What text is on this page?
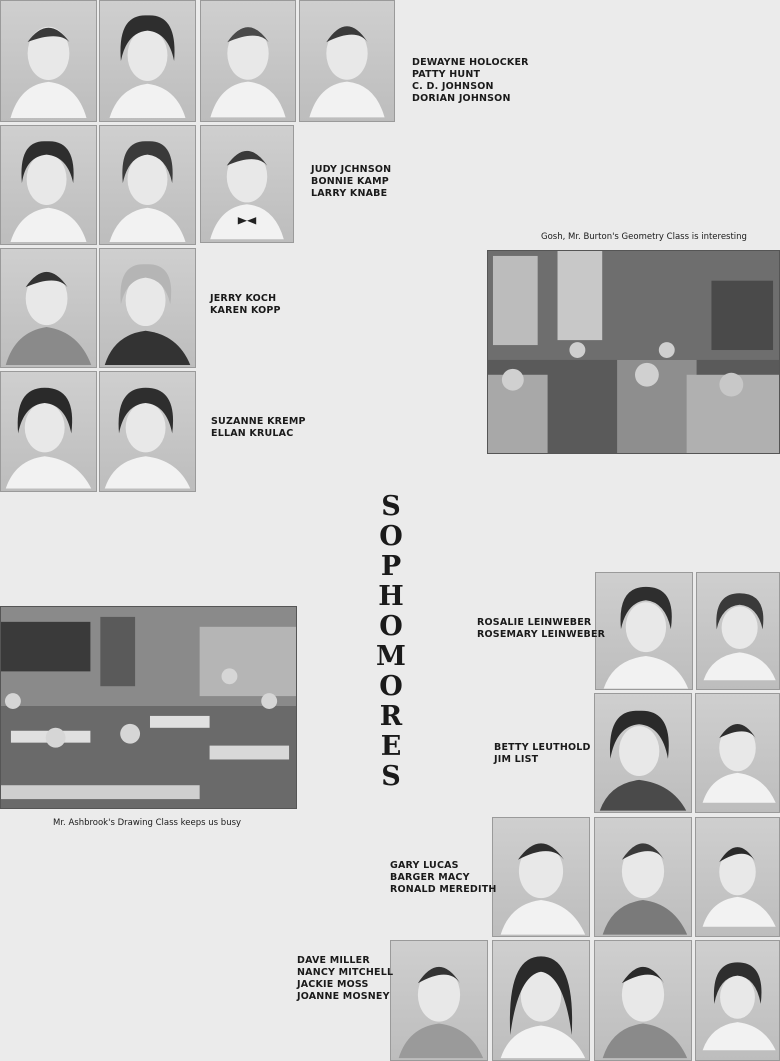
DEWAYNE HOLOCKER
PATTY HUNT
C. D. JOHNSON
DORIAN JOHNSON
JUDY JCHNSON
BONNIE KAMP
LARRY KNABE
JERRY KOCH
KAREN KOPP
SUZANNE KREMP
ELLAN KRULAC
ROSALIE LEINWEBER
ROSEMARY LEINWEBER
BETTY LEUTHOLD
JIM LIST
GARY LUCAS
BARGER MACY
RONALD MEREDITH
DAVE MILLER
NANCY MITCHELL
JACKIE MOSS
JOANNE MOSNEY
Gosh, Mr. Burton's Geometry Class is interesting
S
O
P
H
O
M
O
R
E
S
Mr. Ashbrook's Drawing Class keeps us busy
